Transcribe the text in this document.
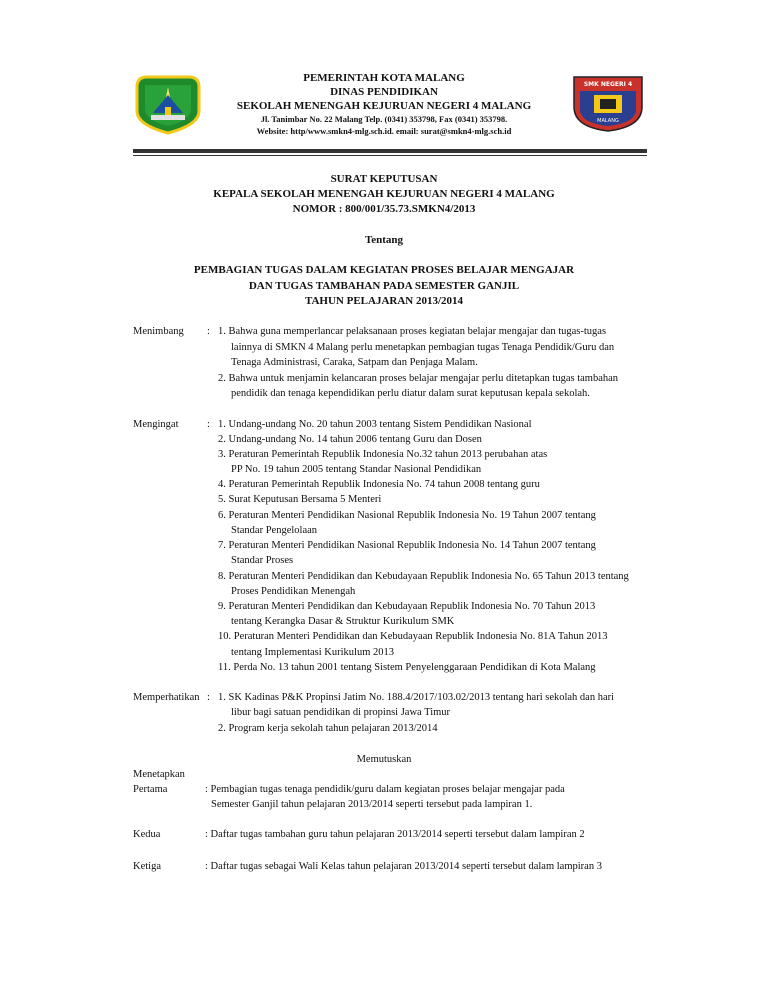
PEMERINTAH KOTA MALANG
DINAS PENDIDIKAN
SEKOLAH MENENGAH KEJURUAN NEGERI 4 MALANG
Jl. Tanimbar No. 22 Malang Telp. (0341) 353798, Fax (0341) 353798.
Website: http/www.smkn4-mlg.sch.id. email: surat@smkn4-mlg.sch.id
SMK NEGERI 4
MALANG
SURAT KEPUTUSAN
KEPALA SEKOLAH MENENGAH KEJURUAN NEGERI 4 MALANG
NOMOR : 800/001/35.73.SMKN4/2013
Tentang
PEMBAGIAN TUGAS DALAM KEGIATAN PROSES BELAJAR MENGAJAR
DAN TUGAS TAMBAHAN PADA SEMESTER GANJIL
TAHUN PELAJARAN 2013/2014
Menimbang : 1. Bahwa guna memperlancar pelaksanaan proses kegiatan belajar mengajar dan tugas-tugas
lainnya di SMKN 4 Malang perlu menetapkan pembagian tugas Tenaga Pendidik/Guru dan
Tenaga Administrasi, Caraka, Satpam dan Penjaga Malam.
2. Bahwa untuk menjamin kelancaran proses belajar mengajar perlu ditetapkan tugas tambahan
pendidik dan tenaga kependidikan perlu diatur dalam surat keputusan kepala sekolah.
Mengingat	: 1. Undang-undang No. 20 tahun 2003 tentang Sistem Pendidikan Nasional
2. Undang-undang No. 14 tahun 2006 tentang Guru dan Dosen
3. Peraturan Pemerintah Republik Indonesia No.32 tahun 2013 perubahan atas
PP No. 19 tahun 2005 tentang Standar Nasional Pendidikan
4. Peraturan Pemerintah Republik Indonesia No. 74 tahun 2008 tentang guru
5. Surat Keputusan Bersama 5 Menteri
6. Peraturan Menteri Pendidikan Nasional Republik Indonesia No. 19 Tahun 2007 tentang
Standar Pengelolaan
7. Peraturan Menteri Pendidikan Nasional Republik Indonesia No. 14 Tahun 2007 tentang
Standar Proses
8. Peraturan Menteri Pendidikan dan Kebudayaan Republik Indonesia No. 65 Tahun 2013 tentang
Proses Pendidikan Menengah
9. Peraturan Menteri Pendidikan dan Kebudayaan Republik Indonesia No. 70 Tahun 2013
tentang Kerangka Dasar & Struktur Kurikulum SMK
10. Peraturan Menteri Pendidikan dan Kebudayaan Republik Indonesia No. 81A Tahun 2013
tentang Implementasi Kurikulum 2013
11. Perda No. 13 tahun 2001 tentang Sistem Penyelenggaraan Pendidikan di Kota Malang
Memperhatikan : 1. SK Kadinas P&K Propinsi Jatim No. 188.4/2017/103.02/2013 tentang hari sekolah dan hari
libur bagi satuan pendidikan di propinsi Jawa Timur
2. Program kerja sekolah tahun pelajaran 2013/2014
Memutuskan
Menetapkan
Pertama	: Pembagian tugas tenaga pendidik/guru dalam kegiatan proses belajar mengajar pada
Semester Ganjil tahun pelajaran 2013/2014 seperti tersebut pada lampiran 1.
Kedua	: Daftar tugas tambahan guru tahun pelajaran 2013/2014 seperti tersebut dalam lampiran 2
Ketiga	: Daftar tugas sebagai Wali Kelas tahun pelajaran 2013/2014 seperti tersebut dalam lampiran 3
